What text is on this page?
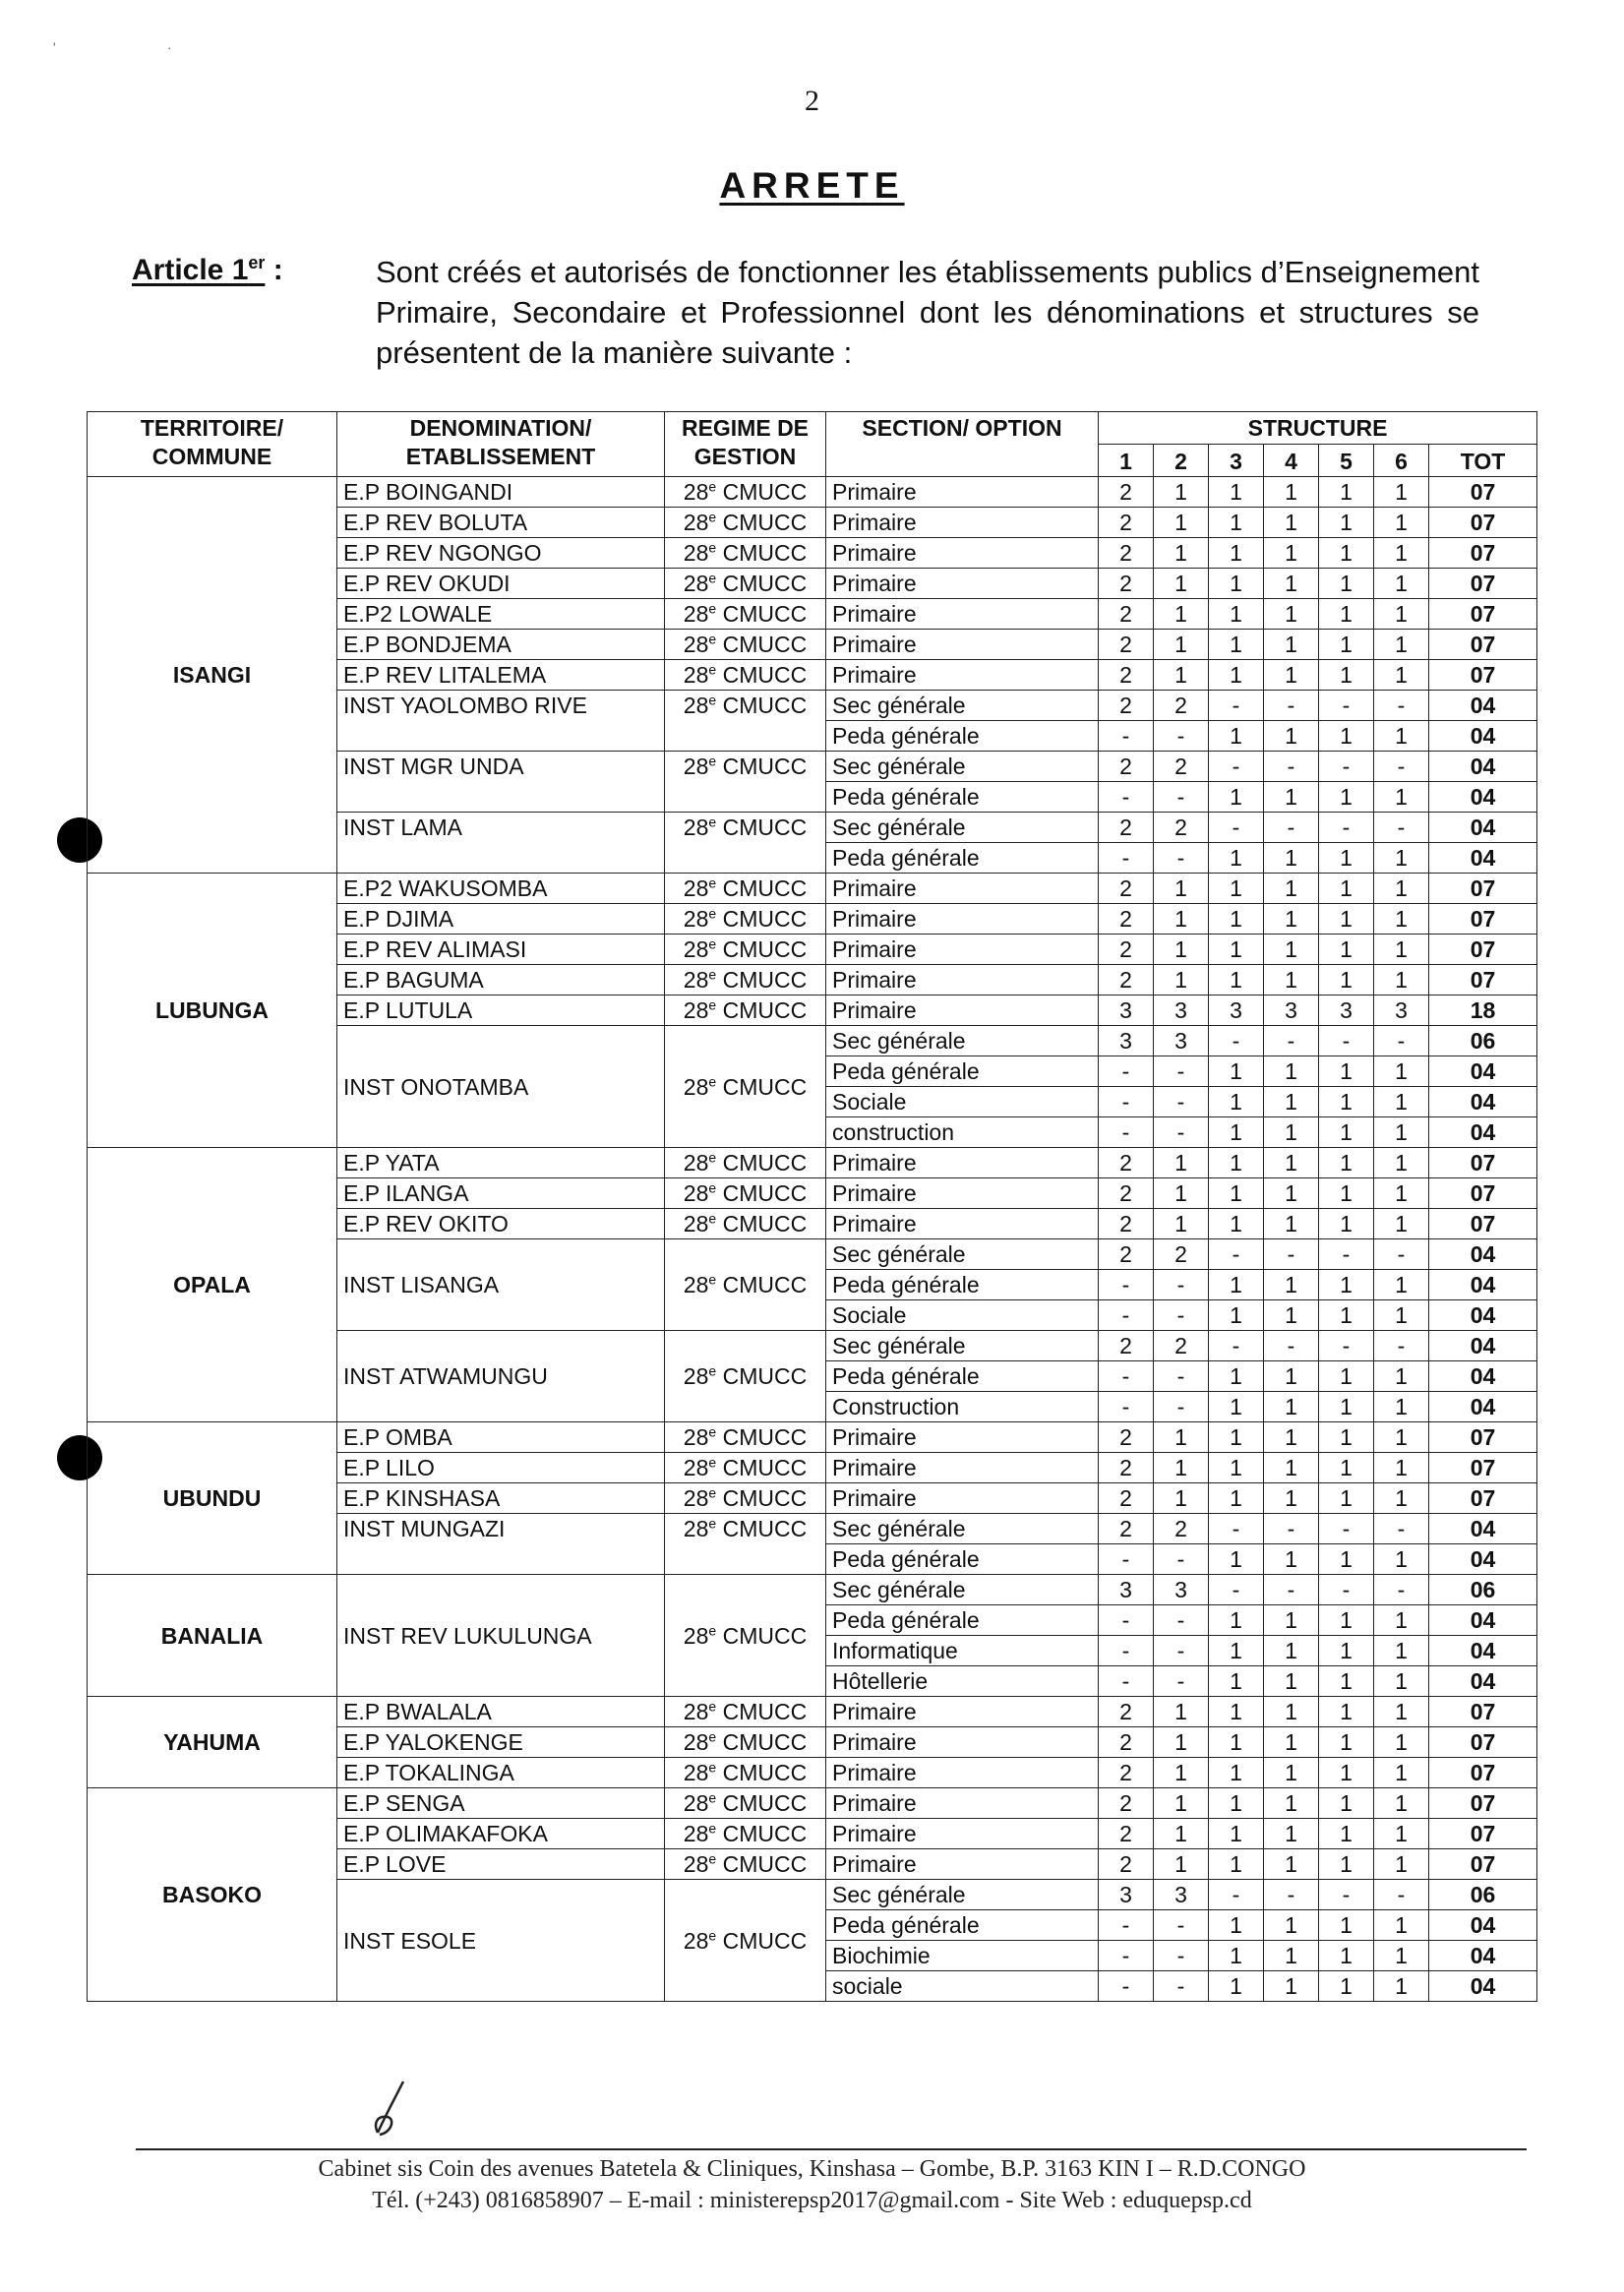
'	·
2
ARRETE
Article 1er :	Sont créés et autorisés de fonctionner les établissements publics d’Enseignement Primaire, Secondaire et Professionnel dont les dénominations et structures se présentent de la manière suivante :
TERRITOIRE/ COMMUNE	DENOMINATION/ ETABLISSEMENT	REGIME DE GESTION	SECTION/ OPTION	STRUCTURE						
				1	2	3	4	5	6	TOT
ISANGI	E.P BOINGANDI	28e CMUCC	Primaire	2	1	1	1	1	1	07
	E.P REV BOLUTA	28e CMUCC	Primaire	2	1	1	1	1	1	07
	E.P REV NGONGO	28e CMUCC	Primaire	2	1	1	1	1	1	07
	E.P REV OKUDI	28e CMUCC	Primaire	2	1	1	1	1	1	07
	E.P2 LOWALE	28e CMUCC	Primaire	2	1	1	1	1	1	07
	E.P BONDJEMA	28e CMUCC	Primaire	2	1	1	1	1	1	07
	E.P REV LITALEMA	28e CMUCC	Primaire	2	1	1	1	1	1	07
	INST YAOLOMBO RIVE	28e CMUCC	Sec générale	2	2	-	-	-	-	04
			Peda générale	-	-	1	1	1	1	04
	INST MGR UNDA	28e CMUCC	Sec générale	2	2	-	-	-	-	04
			Peda générale	-	-	1	1	1	1	04
	INST LAMA	28e CMUCC	Sec générale	2	2	-	-	-	-	04
			Peda générale	-	-	1	1	1	1	04
LUBUNGA	E.P2 WAKUSOMBA	28e CMUCC	Primaire	2	1	1	1	1	1	07
	E.P DJIMA	28e CMUCC	Primaire	2	1	1	1	1	1	07
	E.P REV ALIMASI	28e CMUCC	Primaire	2	1	1	1	1	1	07
	E.P BAGUMA	28e CMUCC	Primaire	2	1	1	1	1	1	07
	E.P LUTULA	28e CMUCC	Primaire	3	3	3	3	3	3	18
	INST ONOTAMBA	28e CMUCC	Sec générale	3	3	-	-	-	-	06
			Peda générale	-	-	1	1	1	1	04
			Sociale	-	-	1	1	1	1	04
			construction	-	-	1	1	1	1	04
OPALA	E.P YATA	28e CMUCC	Primaire	2	1	1	1	1	1	07
	E.P ILANGA	28e CMUCC	Primaire	2	1	1	1	1	1	07
	E.P REV OKITO	28e CMUCC	Primaire	2	1	1	1	1	1	07
	INST LISANGA	28e CMUCC	Sec générale	2	2	-	-	-	-	04
			Peda générale	-	-	1	1	1	1	04
			Sociale	-	-	1	1	1	1	04
	INST ATWAMUNGU	28e CMUCC	Sec générale	2	2	-	-	-	-	04
			Peda générale	-	-	1	1	1	1	04
			Construction	-	-	1	1	1	1	04
UBUNDU	E.P OMBA	28e CMUCC	Primaire	2	1	1	1	1	1	07
	E.P LILO	28e CMUCC	Primaire	2	1	1	1	1	1	07
	E.P KINSHASA	28e CMUCC	Primaire	2	1	1	1	1	1	07
	INST MUNGAZI	28e CMUCC	Sec générale	2	2	-	-	-	-	04
			Peda générale	-	-	1	1	1	1	04
BANALIA	INST REV LUKULUNGA	28e CMUCC	Sec générale	3	3	-	-	-	-	06
			Peda générale	-	-	1	1	1	1	04
			Informatique	-	-	1	1	1	1	04
			Hôtellerie	-	-	1	1	1	1	04
YAHUMA	E.P BWALALA	28e CMUCC	Primaire	2	1	1	1	1	1	07
	E.P YALOKENGE	28e CMUCC	Primaire	2	1	1	1	1	1	07
	E.P TOKALINGA	28e CMUCC	Primaire	2	1	1	1	1	1	07
BASOKO	E.P SENGA	28e CMUCC	Primaire	2	1	1	1	1	1	07
	E.P OLIMAKAFOKA	28e CMUCC	Primaire	2	1	1	1	1	1	07
	E.P LOVE	28e CMUCC	Primaire	2	1	1	1	1	1	07
	INST ESOLE	28e CMUCC	Sec générale	3	3	-	-	-	-	06
			Peda générale	-	-	1	1	1	1	04
			Biochimie	-	-	1	1	1	1	04
			sociale	-	-	1	1	1	1	04
Cabinet sis Coin des avenues Batetela & Cliniques, Kinshasa – Gombe, B.P. 3163 KIN I – R.D.CONGO
Tél. (+243) 0816858907 – E-mail : ministerepsp2017@gmail.com - Site Web : eduquepsp.cd
